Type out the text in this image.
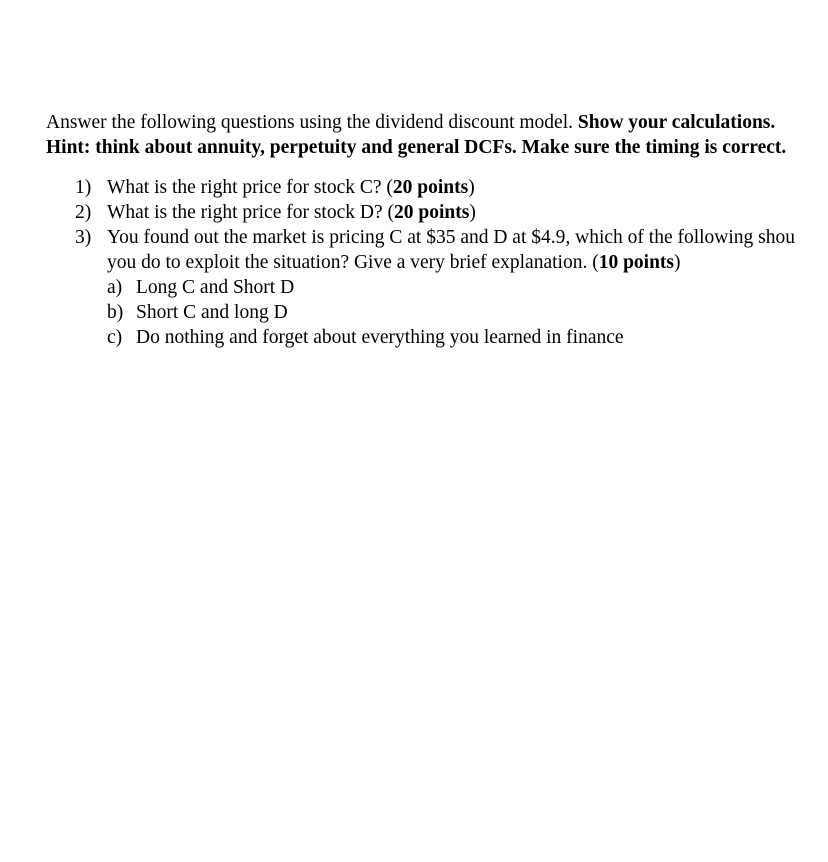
Answer the following questions using the dividend discount model. Show your calculations.
Hint: think about annuity, perpetuity and general DCFs. Make sure the timing is correct.
1) What is the right price for stock C? (20 points)
2) What is the right price for stock D? (20 points)
3) You found out the market is pricing C at $35 and D at $4.9, which of the following shou
you do to exploit the situation? Give a very brief explanation. (10 points)
a) Long C and Short D
b) Short C and long D
c) Do nothing and forget about everything you learned in finance
